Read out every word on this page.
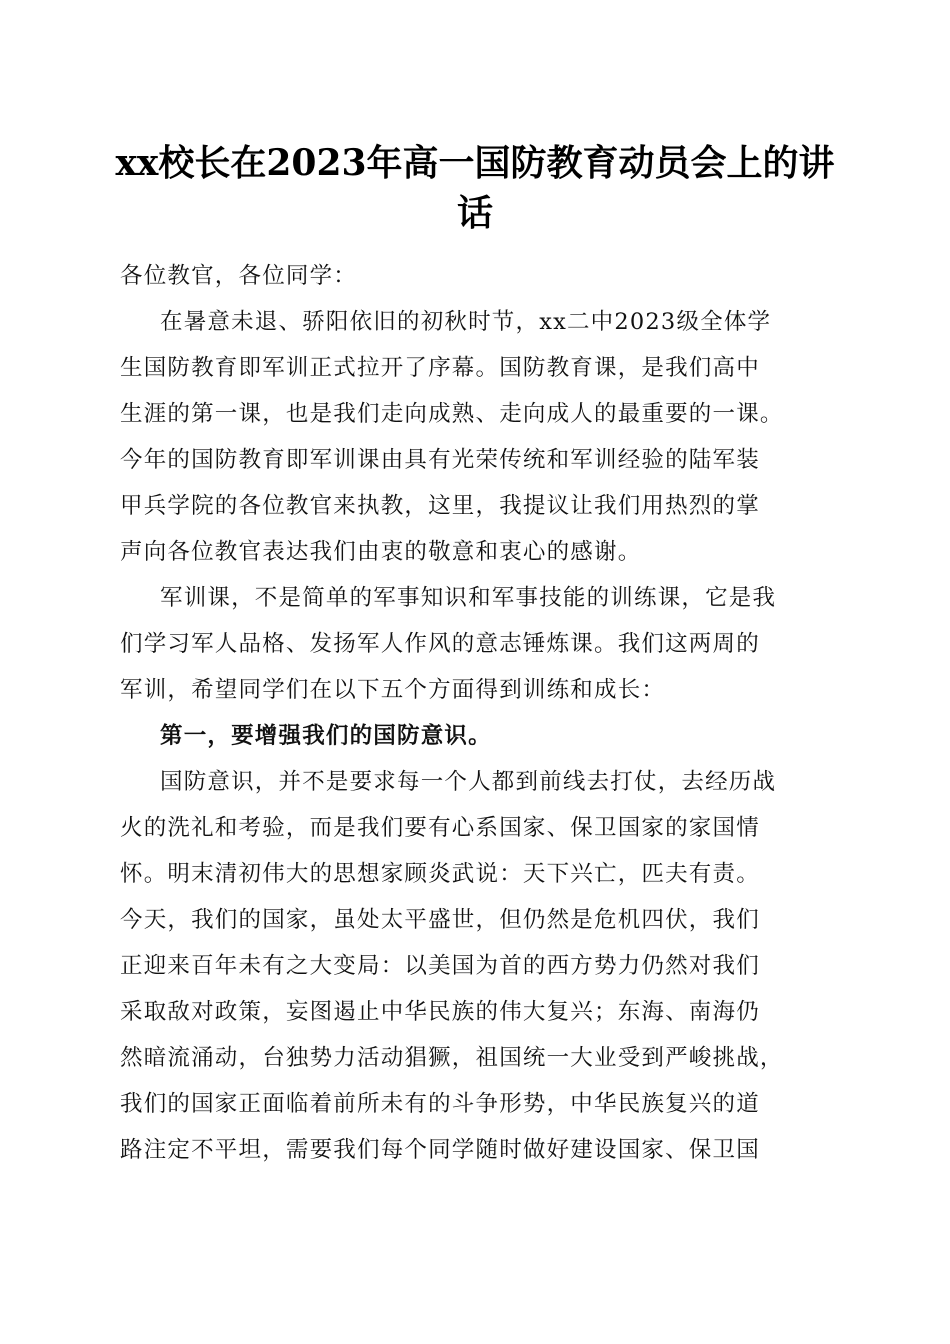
xx校长在2023年高一国防教育动员会上的讲
话
各位教官，各位同学：
在暑意未退、骄阳依旧的初秋时节，xx二中2023级全体学
生国防教育即军训正式拉开了序幕。国防教育课，是我们高中
生涯的第一课，也是我们走向成熟、走向成人的最重要的一课。
今年的国防教育即军训课由具有光荣传统和军训经验的陆军装
甲兵学院的各位教官来执教，这里，我提议让我们用热烈的掌
声向各位教官表达我们由衷的敬意和衷心的感谢。
军训课，不是简单的军事知识和军事技能的训练课，它是我
们学习军人品格、发扬军人作风的意志锤炼课。我们这两周的
军训，希望同学们在以下五个方面得到训练和成长：
第一，要增强我们的国防意识。
国防意识，并不是要求每一个人都到前线去打仗，去经历战
火的洗礼和考验，而是我们要有心系国家、保卫国家的家国情
怀。明末清初伟大的思想家顾炎武说：天下兴亡，匹夫有责。
今天，我们的国家，虽处太平盛世，但仍然是危机四伏，我们
正迎来百年未有之大变局：以美国为首的西方势力仍然对我们
采取敌对政策，妄图遏止中华民族的伟大复兴；东海、南海仍
然暗流涌动，台独势力活动猖獗，祖国统一大业受到严峻挑战，
我们的国家正面临着前所未有的斗争形势，中华民族复兴的道
路注定不平坦，需要我们每个同学随时做好建设国家、保卫国
